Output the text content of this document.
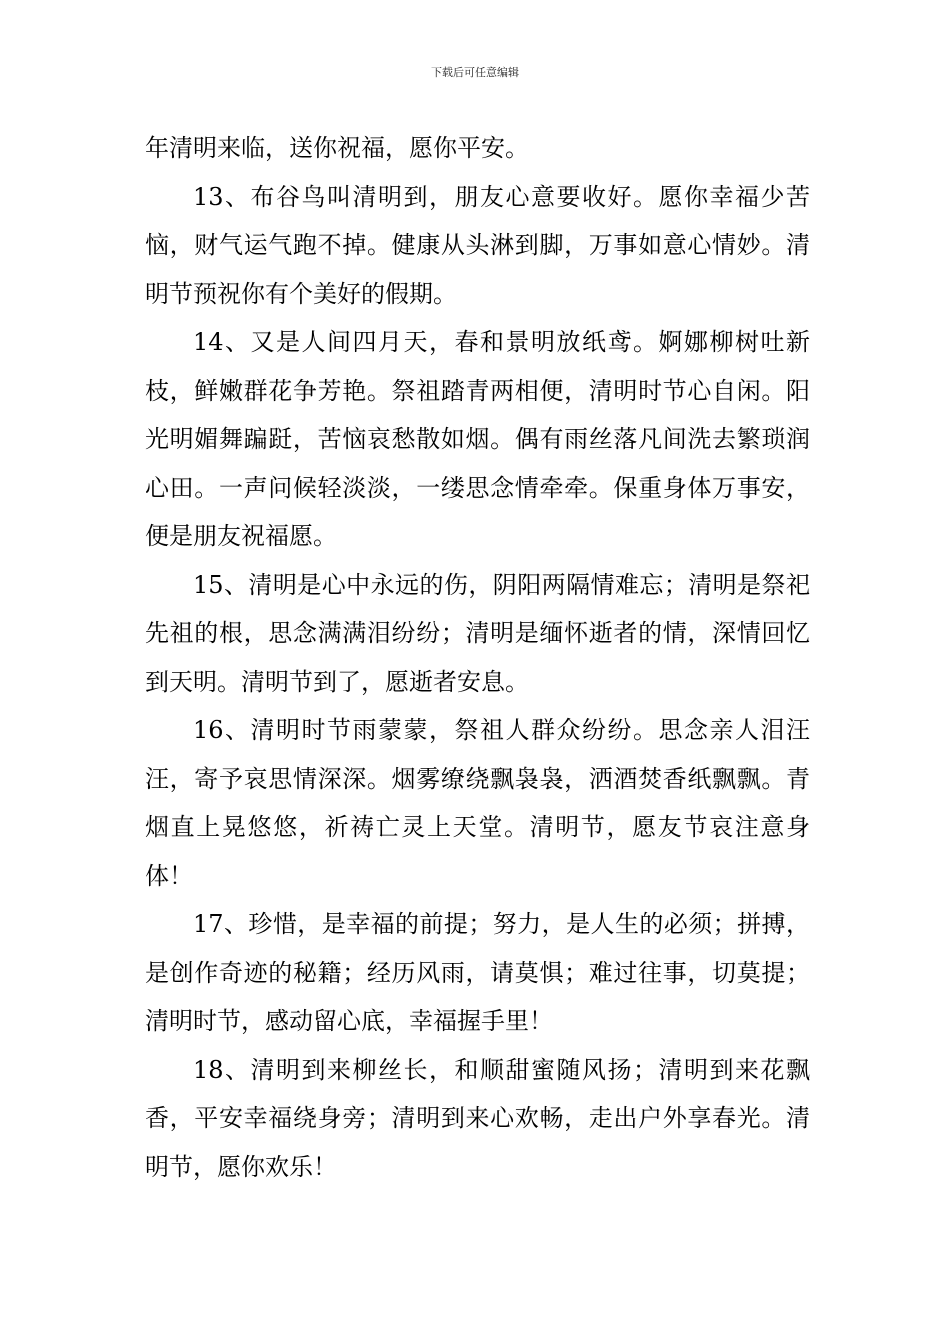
下载后可任意编辑

年清明来临，送你祝福，愿你平安。

13、布谷鸟叫清明到，朋友心意要收好。愿你幸福少苦恼，财气运气跑不掉。健康从头淋到脚，万事如意心情妙。清明节预祝你有个美好的假期。

14、又是人间四月天，春和景明放纸鸢。婀娜柳树吐新枝，鲜嫩群花争芳艳。祭祖踏青两相便，清明时节心自闲。阳光明媚舞蹁跹，苦恼哀愁散如烟。偶有雨丝落凡间洗去繁琐润心田。一声问候轻淡淡，一缕思念情牵牵。保重身体万事安，便是朋友祝福愿。

15、清明是心中永远的伤，阴阳两隔情难忘；清明是祭祀先祖的根，思念满满泪纷纷；清明是缅怀逝者的情，深情回忆到天明。清明节到了，愿逝者安息。

16、清明时节雨蒙蒙，祭祖人群众纷纷。思念亲人泪汪汪，寄予哀思情深深。烟雾缭绕飘袅袅，洒酒焚香纸飘飘。青烟直上晃悠悠，祈祷亡灵上天堂。清明节，愿友节哀注意身体！

17、珍惜，是幸福的前提；努力，是人生的必须；拼搏，是创作奇迹的秘籍；经历风雨，请莫惧；难过往事，切莫提；清明时节，感动留心底，幸福握手里！

18、清明到来柳丝长，和顺甜蜜随风扬；清明到来花飘香，平安幸福绕身旁；清明到来心欢畅，走出户外享春光。清明节，愿你欢乐！
